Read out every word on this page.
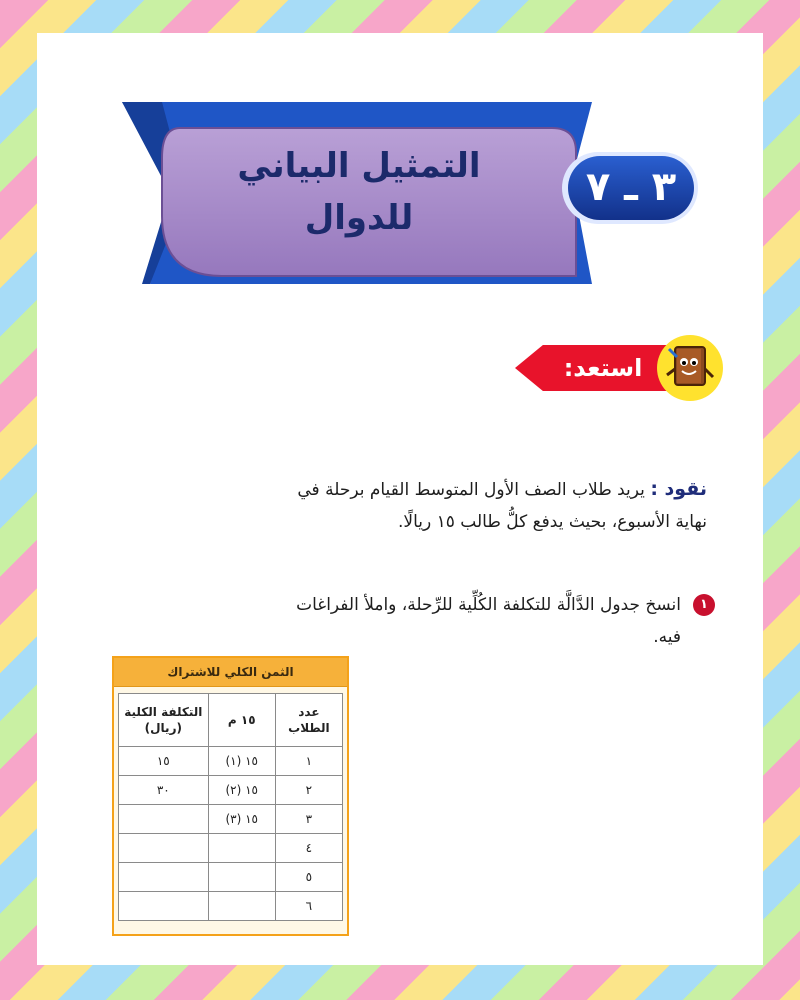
التمثيل البياني
للدوال
٣ ـ ٧
استعد:
نقود : يريد طلاب الصف الأول المتوسط القيام برحلة في نهاية الأسبوع، بحيث يدفع كلُّ طالب ١٥ ريالًا.
١
انسخ جدول الدَّالَّة للتكلفة الكُلِّية للرِّحلة، واملأ الفراغات فيه.
الثمن الكلي للاشتراك
عدد الطلاب	١٥ م	التكلفة الكلية (ريال)
١	١٥ (١)	١٥
٢	١٥ (٢)	٣٠
٣	١٥ (٣)	
٤		
٥		
٦		
